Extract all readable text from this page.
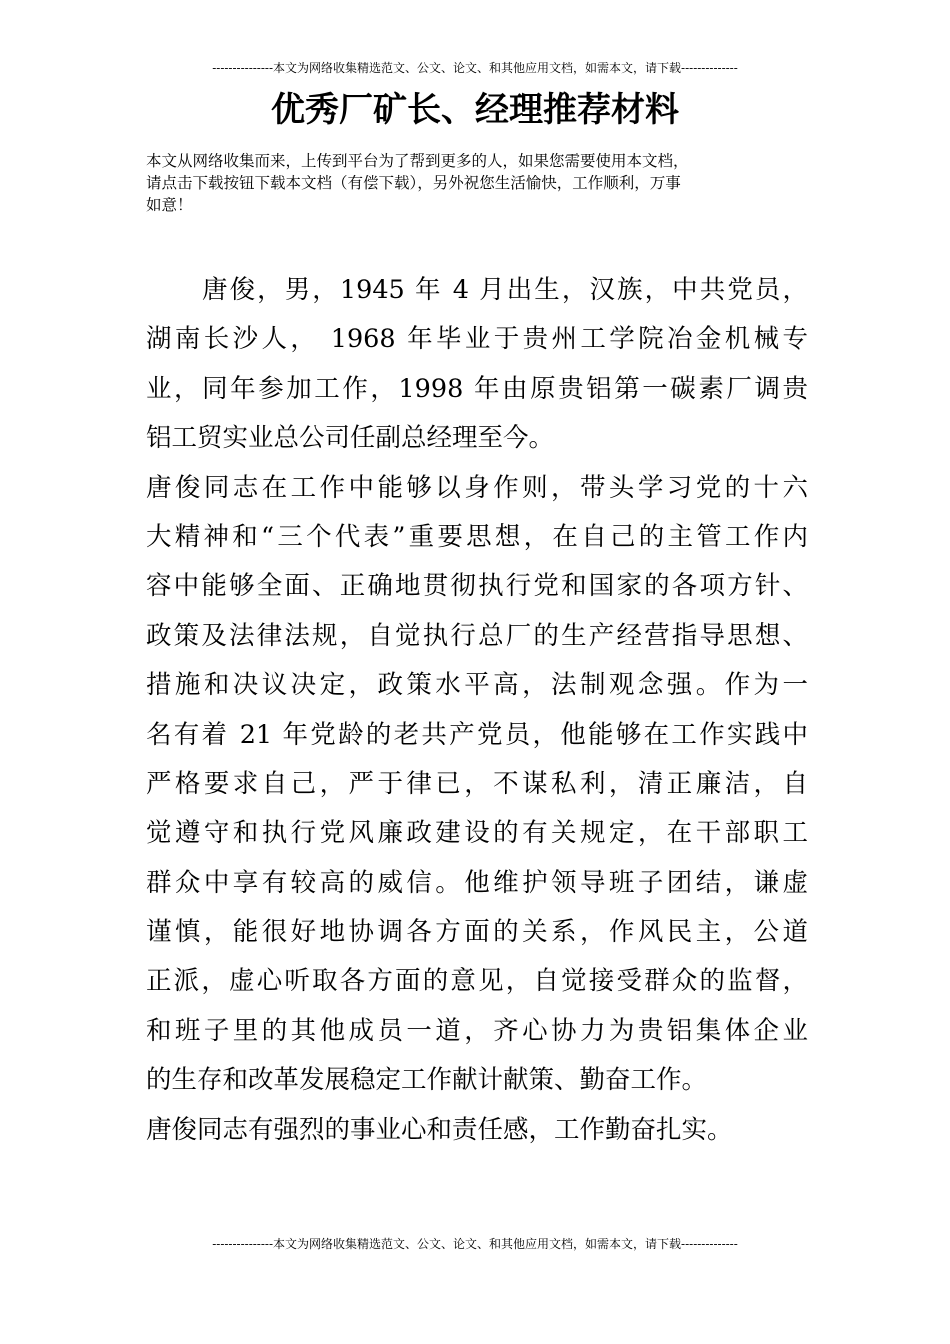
---------------本文为网络收集精选范文、公文、论文、和其他应用文档，如需本文，请下载--------------
优秀厂矿长、经理推荐材料
本文从网络收集而来，上传到平台为了帮到更多的人，如果您需要使用本文档，
请点击下载按钮下载本文档（有偿下载），另外祝您生活愉快，工作顺利，万事
如意！
唐俊，男，1945 年 4 月出生，汉族，中共党员，
湖南长沙人， 1968 年毕业于贵州工学院冶金机械专
业，同年参加工作，1998 年由原贵铝第一碳素厂调贵
铝工贸实业总公司任副总经理至今。
唐俊同志在工作中能够以身作则，带头学习党的十六
大精神和“三个代表”重要思想，在自己的主管工作内
容中能够全面、正确地贯彻执行党和国家的各项方针、
政策及法律法规，自觉执行总厂的生产经营指导思想、
措施和决议决定，政策水平高，法制观念强。作为一
名有着 21 年党龄的老共产党员，他能够在工作实践中
严格要求自己，严于律已，不谋私利，清正廉洁，自
觉遵守和执行党风廉政建设的有关规定，在干部职工
群众中享有较高的威信。他维护领导班子团结，谦虚
谨慎，能很好地协调各方面的关系，作风民主，公道
正派，虚心听取各方面的意见，自觉接受群众的监督，
和班子里的其他成员一道，齐心协力为贵铝集体企业
的生存和改革发展稳定工作献计献策、勤奋工作。
唐俊同志有强烈的事业心和责任感，工作勤奋扎实。
---------------本文为网络收集精选范文、公文、论文、和其他应用文档，如需本文，请下载--------------
